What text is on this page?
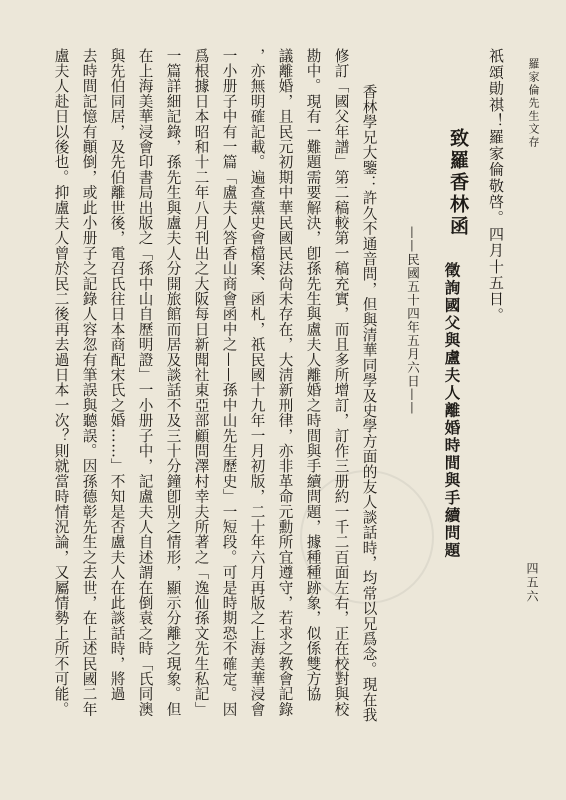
羅家倫先生文存
四五六
祇頌勛祺！羅家倫敬啓。四月十五日。
致羅香林函
徵詢國父與盧夫人離婚時間與手續問題
——民國五十四年五月六日——
香林學兄大鑒：許久不通音問，但與清華同學及史學方面的友人談話時，均常以兄爲念。現在我
修訂「國父年譜」第二稿較第一稿充實，而且多所增訂，訂作三册約一千二百面左右，正在校對與校
勘中。現有一難題需要解決，卽孫先生與盧夫人離婚之時間與手續問題，據種種跡象，似係雙方協
議離婚，且民元初期中華民國民法尙未存在，大淸新刑律，亦非革命元勳所宜遵守，若求之教會記錄
，亦無明確記載。遍查黨史會檔案、函札，祇民國十九年一月初版，二十年六月再版之上海美華浸會
一小册子中有一篇「盧夫人答香山商會函中之——孫中山先生歷史」一短段。可是時期恐不確定。因
爲根據日本昭和十二年八月刊出之大阪每日新聞社東亞部顧問澤村幸夫所著之「逸仙孫文先生私記」
一篇詳細記錄，孫先生與盧夫人分開旅館而居及談話不及三十分鐘卽別之情形，顯示分離之現象。但
在上海美華浸會印書局出版之「孫中山自歷明證」一小册子中，記盧夫人自述謂在倒袁之時「氏同澳
與先伯同居，及先伯離世後，電召氏往日本商配宋氏之婚……」不知是否盧夫人在此談話時，將過
去時間記憶有顚倒，或此小册子之記錄人容忽有筆誤與聽誤。因孫德彰先生之去世，在上述民國二年
盧夫人赴日以後也。抑盧夫人曾於民二後再去過日本一次？則就當時情況論，又屬情勢上所不可能。
